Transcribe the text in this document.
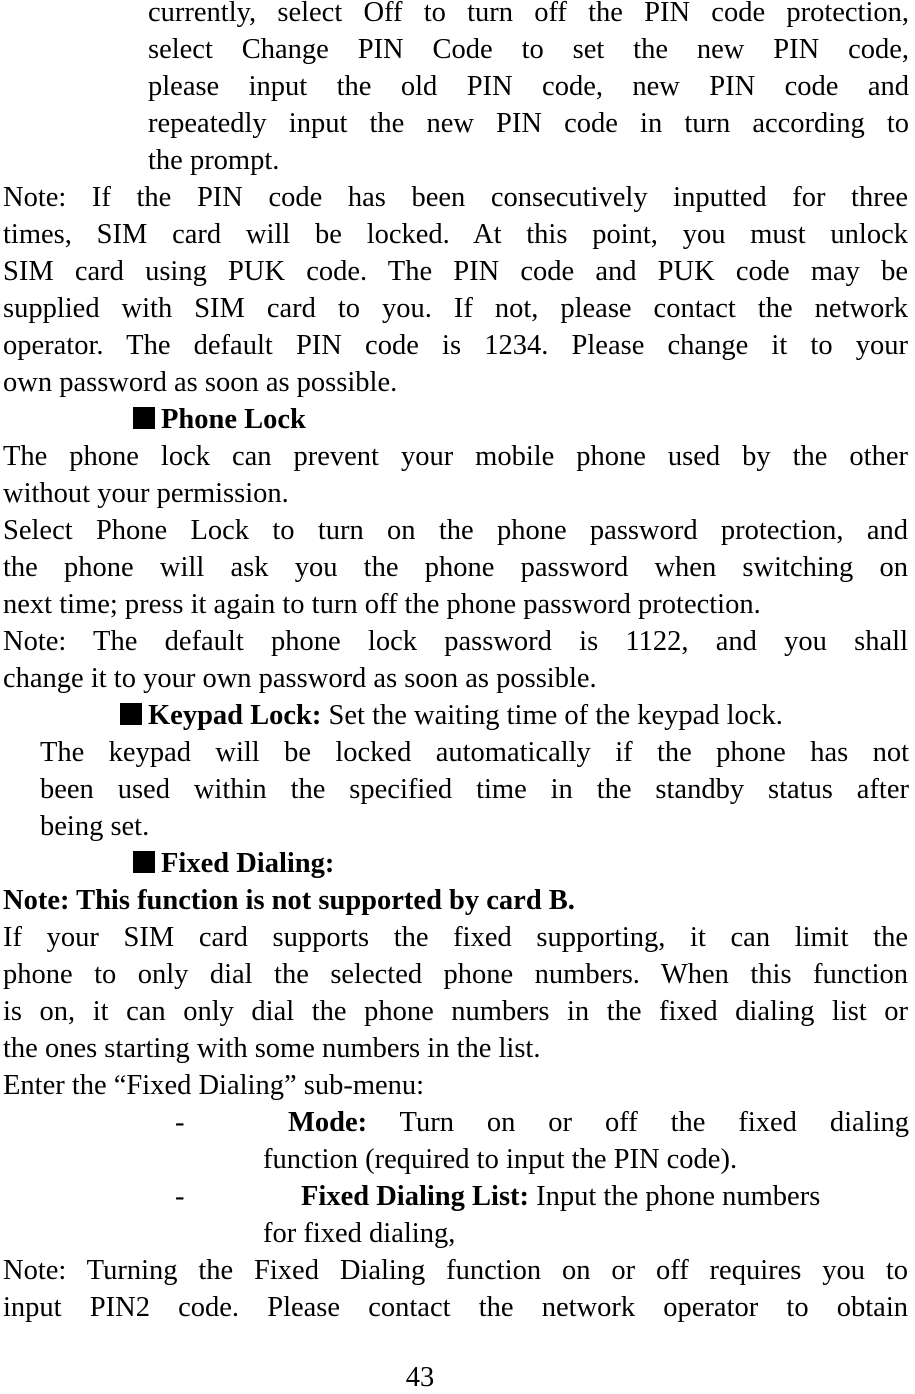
currently, select Off to turn off the PIN code protection,
select Change PIN Code to set the new PIN code,
please input the old PIN code, new PIN code and
repeatedly input the new PIN code in turn according to
the prompt.
Note: If the PIN code has been consecutively inputted for three
times, SIM card will be locked. At this point, you must unlock
SIM card using PUK code. The PIN code and PUK code may be
supplied with SIM card to you. If not, please contact the network
operator. The default PIN code is 1234. Please change it to your
own password as soon as possible.
Phone Lock
The phone lock can prevent your mobile phone used by the other
without your permission.
Select Phone Lock to turn on the phone password protection, and
the phone will ask you the phone password when switching on
next time; press it again to turn off the phone password protection.
Note: The default phone lock password is 1122, and you shall
change it to your own password as soon as possible.
Keypad Lock: Set the waiting time of the keypad lock.
The keypad will be locked automatically if the phone has not
been used within the specified time in the standby status after
being set.
Fixed Dialing:
Note: This function is not supported by card B.
If your SIM card supports the fixed supporting, it can limit the
phone to only dial the selected phone numbers. When this function
is on, it can only dial the phone numbers in the fixed dialing list or
the ones starting with some numbers in the list.
Enter the “Fixed Dialing” sub-menu:
-	Mode: Turn on or off the fixed dialing
function (required to input the PIN code).
-	Fixed Dialing List: Input the phone numbers
for fixed dialing,
Note: Turning the Fixed Dialing function on or off requires you to
input PIN2 code. Please contact the network operator to obtain
43
